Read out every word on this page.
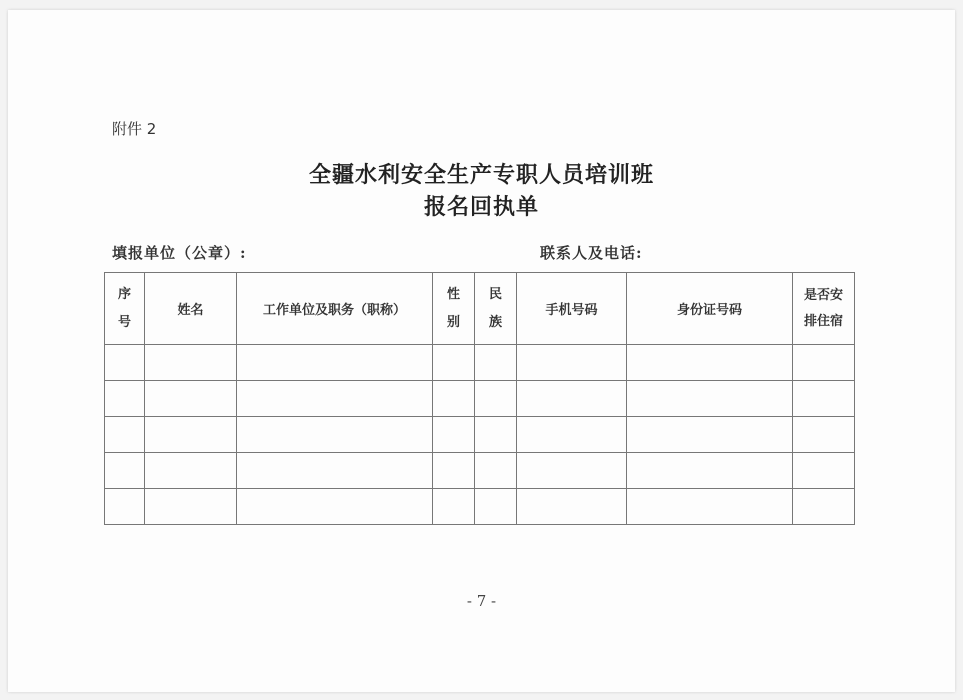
附件 2
全疆水利安全生产专职人员培训班
报名回执单
填报单位（公章）:	联系人及电话:
序号	姓名	工作单位及职务（职称）	性别	民族	手机号码	身份证号码	是否安排住宿

- 7 -
